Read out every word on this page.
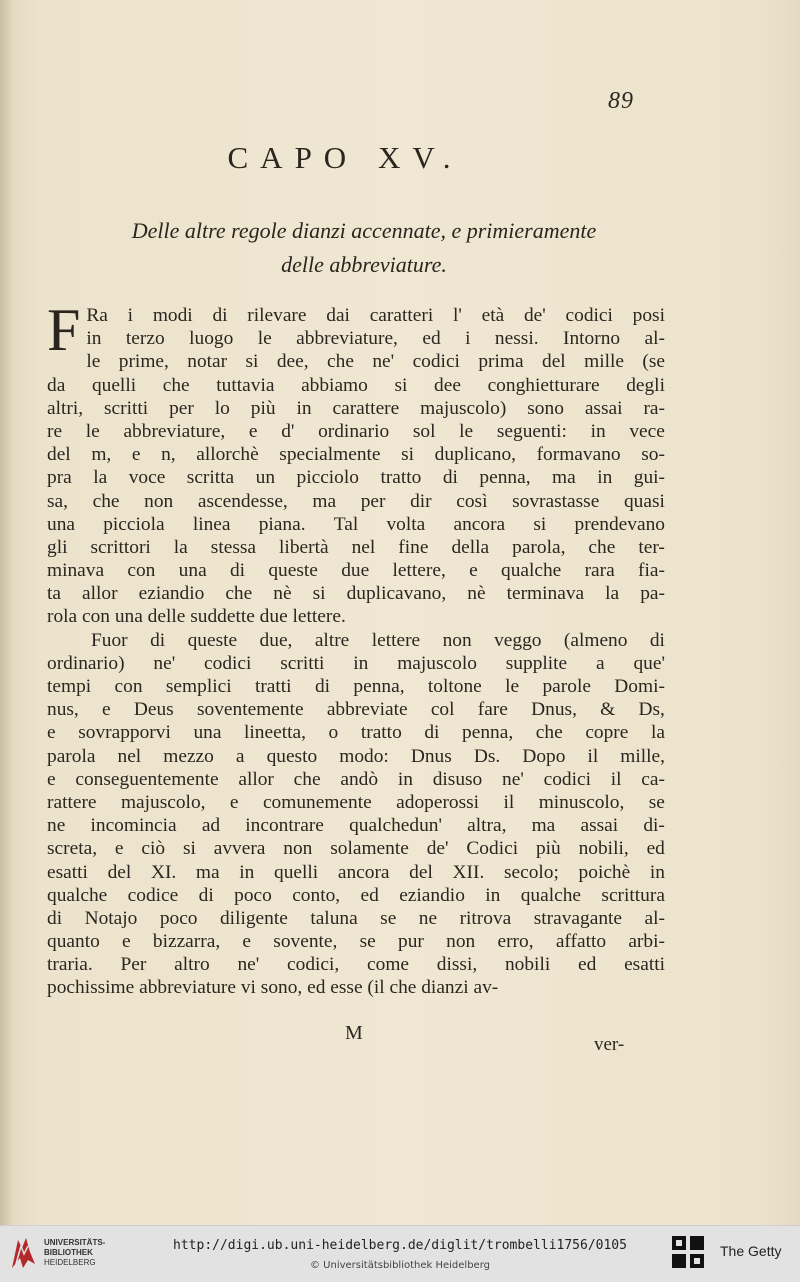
89
CAPO XV.
Delle altre regole dianzi accennate, e primieramente
delle abbreviature.
F Ra i modi di rilevare dai caratteri l' età de' codici posi
in terzo luogo le abbreviature, ed i nessi. Intorno al-
le prime, notar si dee, che ne' codici prima del mille (se
da quelli che tuttavia abbiamo si dee conghietturare degli
altri, scritti per lo più in carattere majuscolo) sono assai ra-
re le abbreviature, e d' ordinario sol le seguenti: in vece
del m, e n, allorchè specialmente si duplicano, formavano so-
pra la voce scritta un picciolo tratto di penna, ma in gui-
sa, che non ascendesse, ma per dir così sovrastasse quasi
una picciola linea piana. Tal volta ancora si prendevano
gli scrittori la stessa libertà nel fine della parola, che ter-
minava con una di queste due lettere, e qualche rara fia-
ta allor eziandio che nè si duplicavano, nè terminava la pa-
rola con una delle suddette due lettere.
Fuor di queste due, altre lettere non veggo (almeno di
ordinario) ne' codici scritti in majuscolo supplite a que'
tempi con semplici tratti di penna, toltone le parole Domi-
nus, e Deus soventemente abbreviate col fare Dnus, & Ds,
e sovrapporvi una lineetta, o tratto di penna, che copre la
parola nel mezzo a questo modo: Dnus Ds. Dopo il mille,
e conseguentemente allor che andò in disuso ne' codici il ca-
rattere majuscolo, e comunemente adoperossi il minuscolo, se
ne incomincia ad incontrare qualchedun' altra, ma assai di-
screta, e ciò si avvera non solamente de' Codici più nobili, ed
esatti del XI. ma in quelli ancora del XII. secolo; poichè in
qualche codice di poco conto, ed eziandio in qualche scrittura
di Notajo poco diligente taluna se ne ritrova stravagante al-
quanto e bizzarra, e sovente, se pur non erro, affatto arbi-
traria. Per altro ne' codici, come dissi, nobili ed esatti
pochissime abbreviature vi sono, ed esse (il che dianzi av-
M
ver-
UNIVERSITÄTS-
BIBLIOTHEK
HEIDELBERG
http://digi.ub.uni-heidelberg.de/diglit/trombelli1756/0105
© Universitätsbibliothek Heidelberg
The Getty
